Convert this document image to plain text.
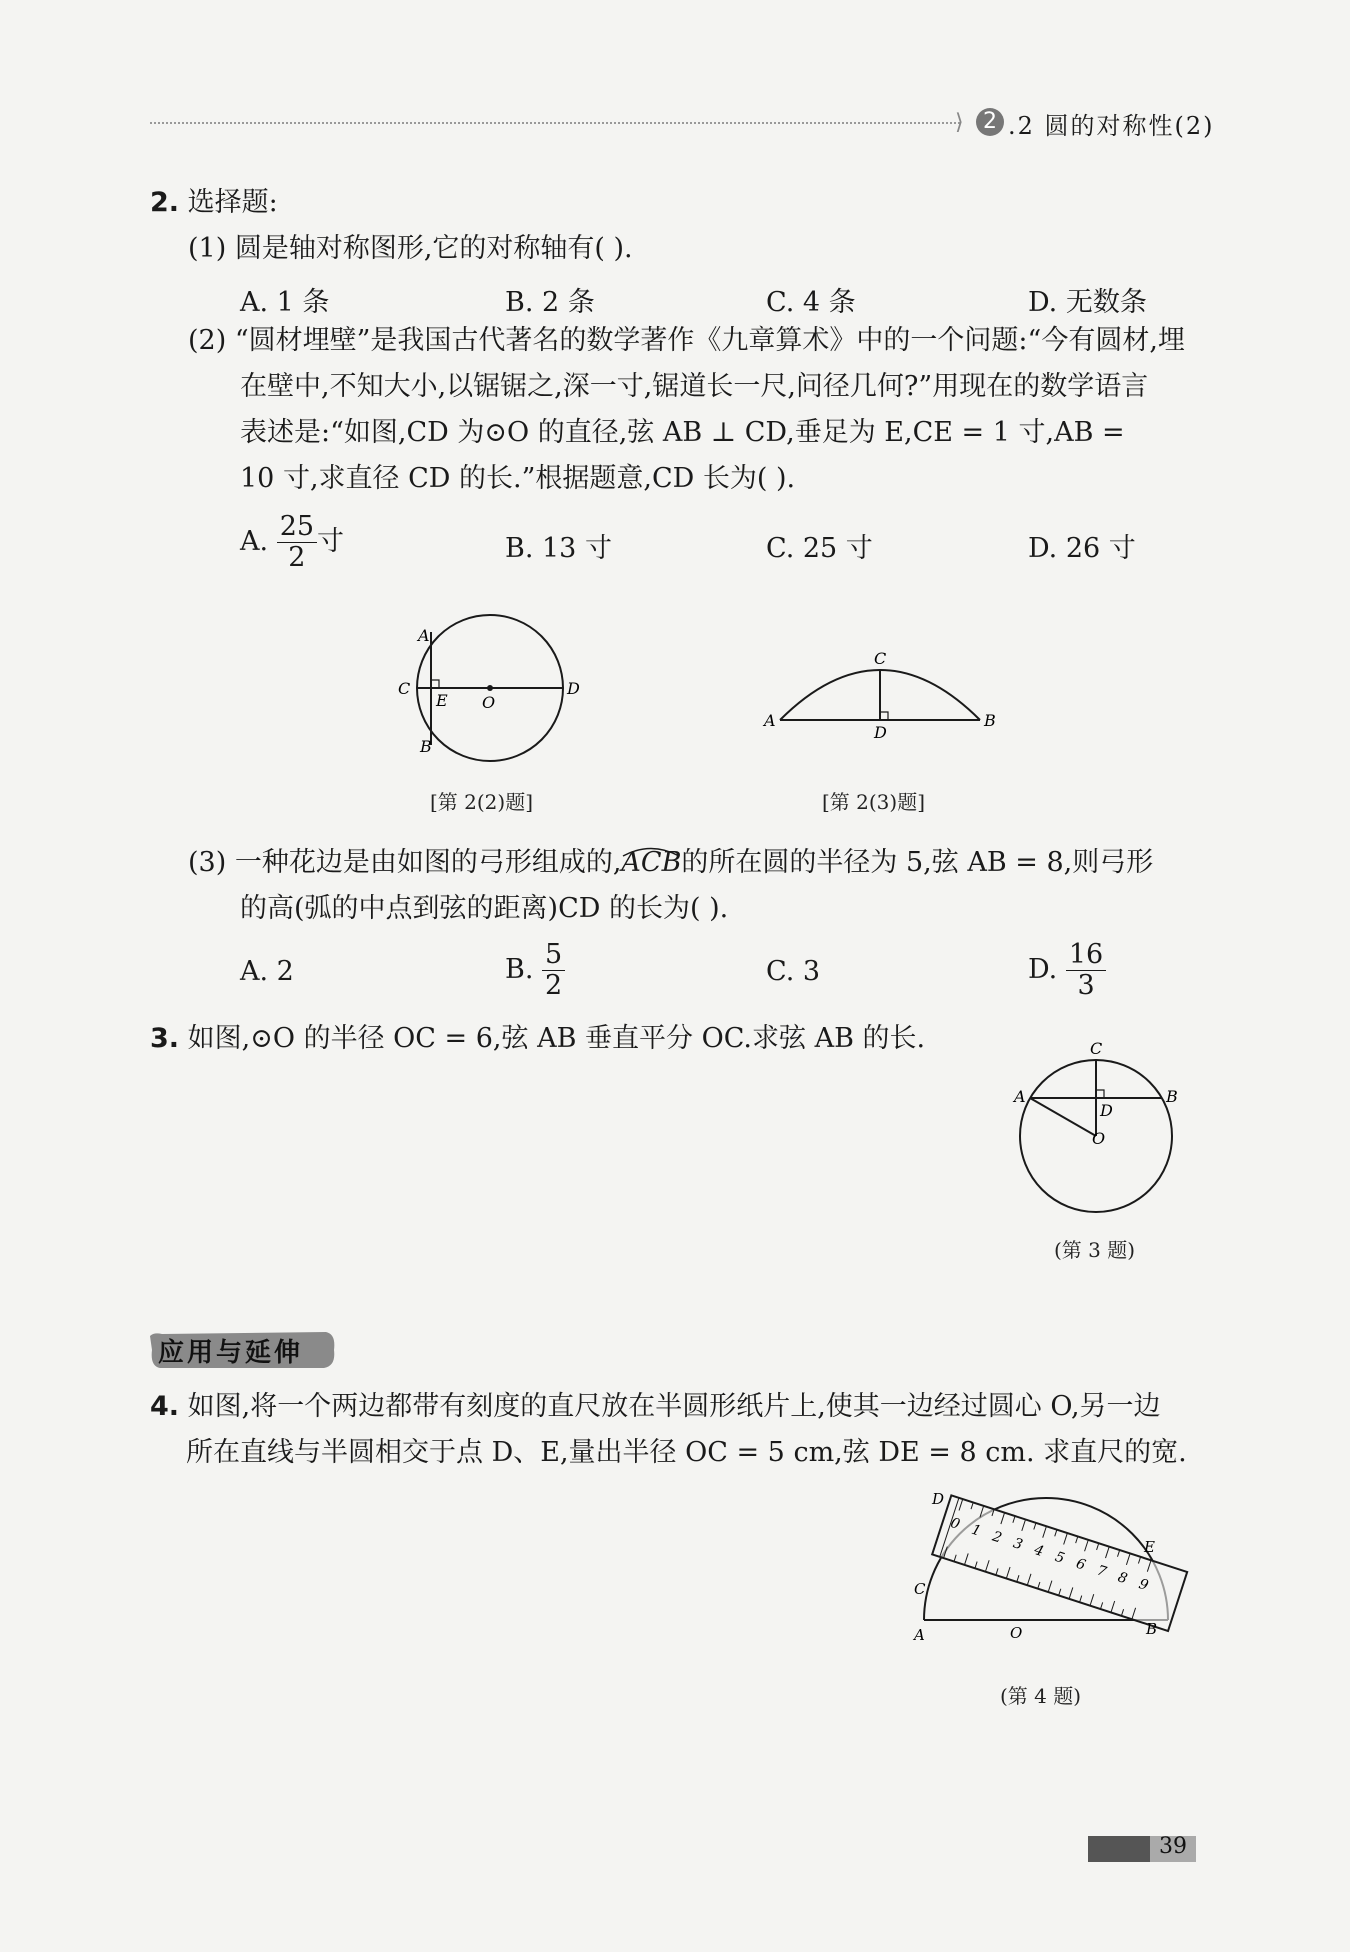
⟩ 2 .2 圆的对称性(2)
2. 选择题:
(1) 圆是轴对称图形,它的对称轴有( ).
A. 1 条	B. 2 条	C. 4 条	D. 无数条
(2) “圆材埋壁”是我国古代著名的数学著作《九章算术》中的一个问题:“今有圆材,埋
在壁中,不知大小,以锯锯之,深一寸,锯道长一尺,问径几何?”用现在的数学语言
表述是:“如图,CD 为⊙O 的直径,弦 AB ⊥ CD,垂足为 E,CE = 1 寸,AB =
10 寸,求直径 CD 的长.”根据题意,CD 长为( ).
A. $\frac{25}{2}$ 寸	B. 13 寸	C. 25 寸	D. 26 寸
A
C
E O
D
B
[第 2(2)题]
C
A
D
B
[第 2(3)题]
(3) 一种花边是由如图的弓形组成的,
ACB的所在圆的半径为 5,弦 AB = 8,则弓形
的高(弧的中点到弦的距离)CD 的长为( ).
A. 2	B. $\frac{5}{2}$	C. 3	D. $\frac{16}{3}$
3. 如图,⊙O 的半径 OC = 6,弦 AB 垂直平分 OC.求弦 AB 的长.	C
A	B
D
O
(第 3 题)
应用与延伸
4. 如图,将一个两边都带有刻度的直尺放在半圆形纸片上,使其一边经过圆心 O,另一边
所在直线与半圆相交于点 D、E,量出半径 OC = 5 cm,弦 DE = 8 cm. 求直尺的宽.
0 1 2 3 4 5 6 7 8 9
D
C
A	O
E
B
(第 4 题)
39
